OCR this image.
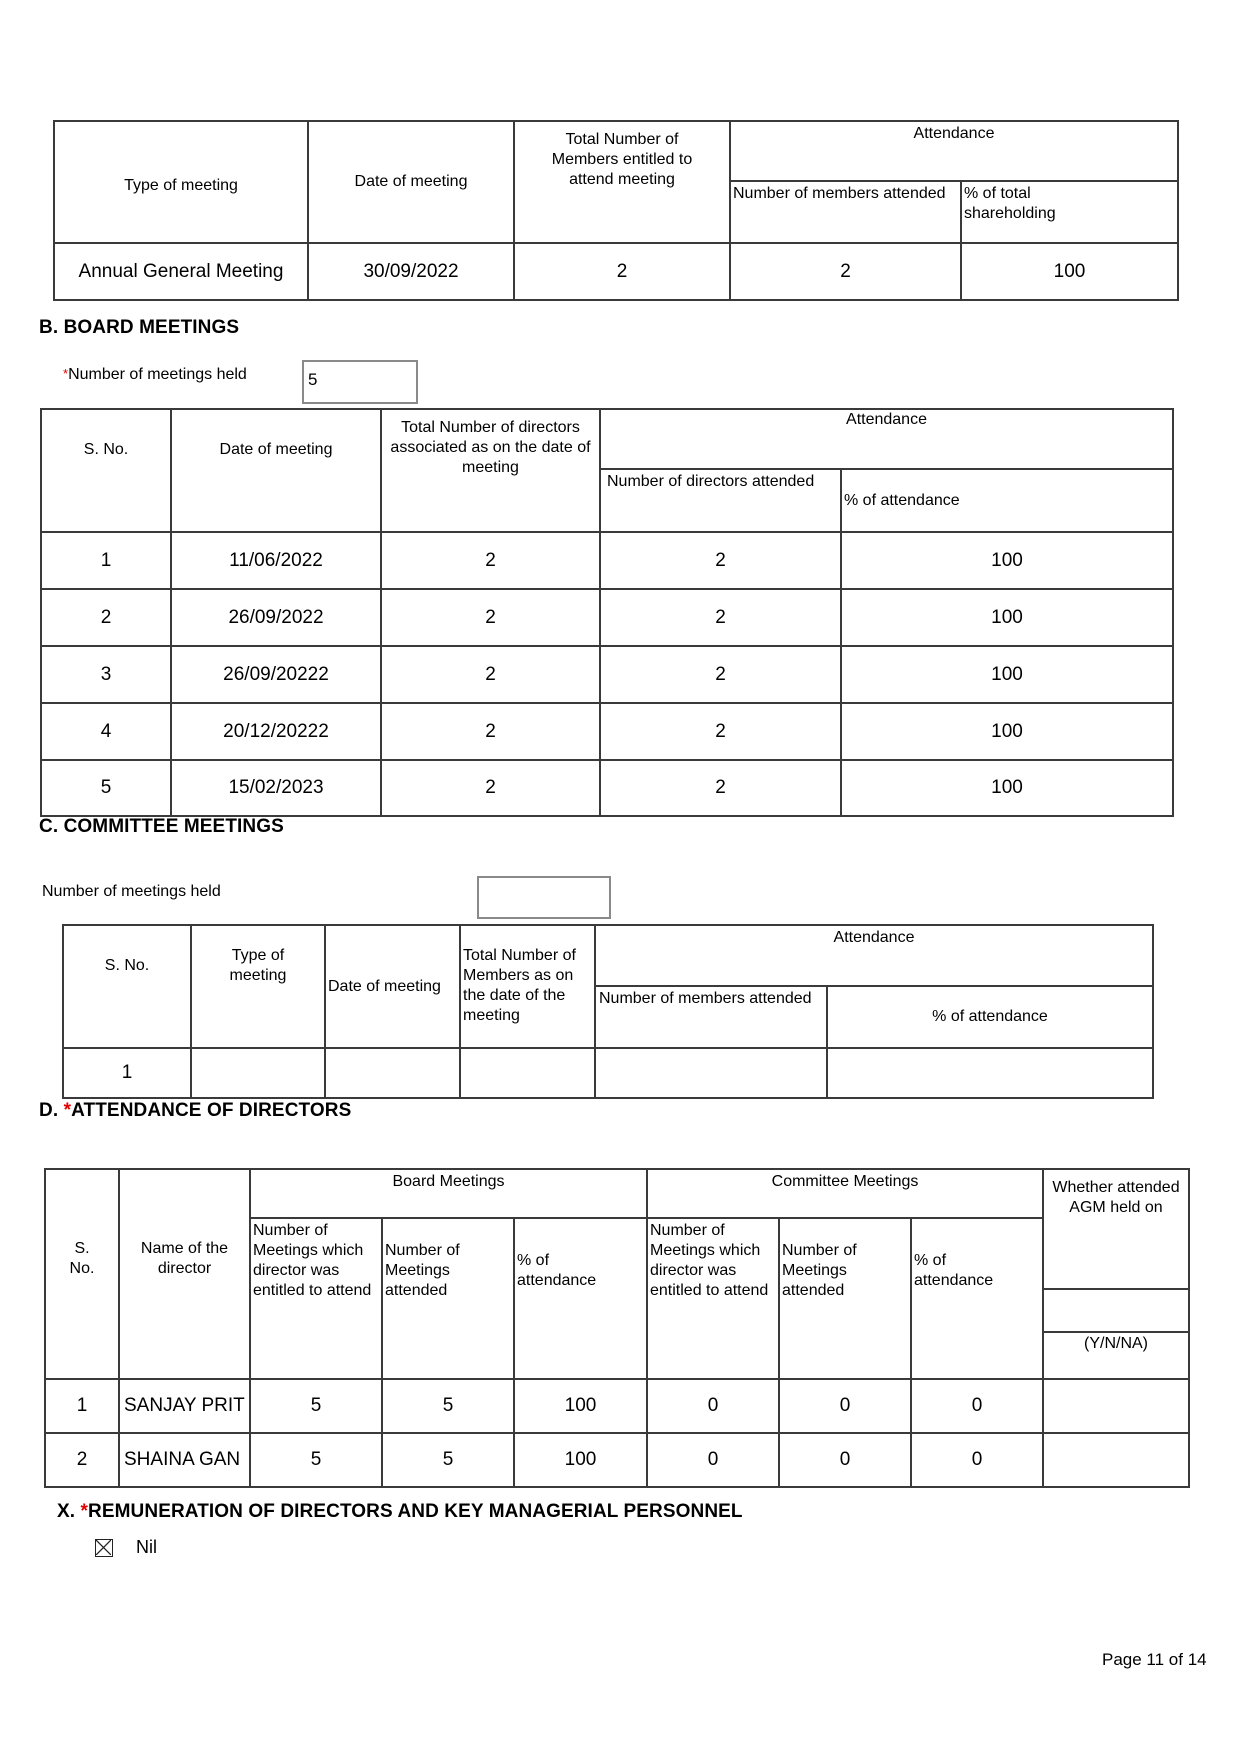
Type of meeting	Date of meeting
Total Number of Members entitled to attend meeting
Attendance
Number of members attended	% of total shareholding
Annual General Meeting	30/09/2022	2	2	100
B. BOARD MEETINGS
*Number of meetings held	5
S. No.	Date of meeting
Total Number of directors associated as on the date of meeting
Attendance
Number of directors attended
% of attendance
1	11/06/2022	2	2	100
2	26/09/2022	2	2	100
3	26/09/20222	2	2	100
4	20/12/20222	2	2	100
5	15/02/2023	2	2	100
C. COMMITTEE MEETINGS
Number of meetings held
S. No.
Type of meeting
Date of meeting
Total Number of Members as on the date of the meeting
Attendance
Number of members attended
% of attendance
1
D. *ATTENDANCE OF DIRECTORS
S. No.
Name of the director
Board Meetings
Number of Meetings which director was entitled to attend
Number of Meetings attended
% of attendance
Committee Meetings
Number of Meetings which director was entitled to attend
Number of Meetings attended
% of attendance
Whether attended AGM held on
(Y/N/NA)
1 SANJAY PRIT	5	5	100	0	0	0
2 SHAINA GAN	5	5	100	0	0	0
X. *REMUNERATION OF DIRECTORS AND KEY MANAGERIAL PERSONNEL
Nil
Page 11 of 14
